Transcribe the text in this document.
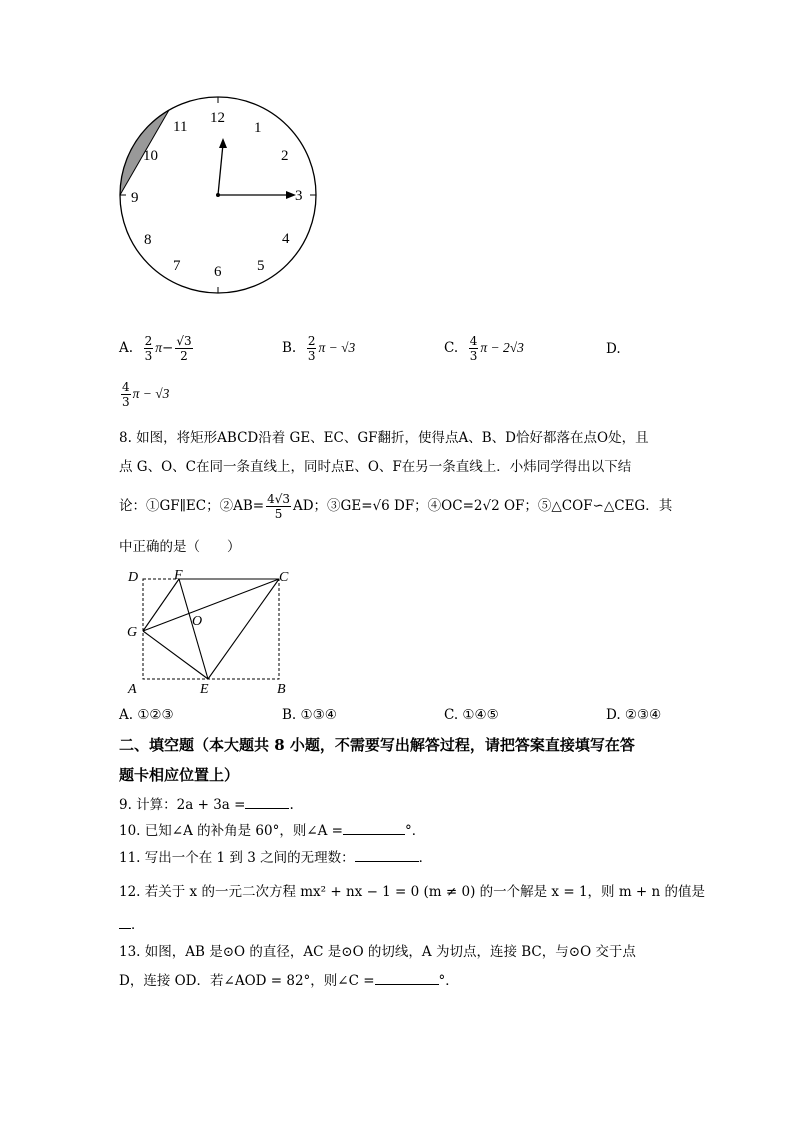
12
1
2
3
4
5
6
7
8
9
10
11
A. $\frac{2}{3} \pi- \frac{√3}{2}$	B. $\frac{2}{3}$ π − √3	C. $\frac{4}{3}$ π − 2√3	D.
$\frac{4}{3}$ π − √3
8. 如图，将矩形ABCD沿着 GE、EC、GF翻折，使得点A、B、D恰好都落在点O处，且
点 G、O、C在同一条直线上，同时点E、O、F在另一条直线上．小炜同学得出以下结
论：①GF∥EC；②AB= $\frac{4√3}{5}$ AD；③GE=√6 DF；④OC=2√2 OF；⑤△COF∽△CEG．其
中正确的是（　　）
D	F	C
G
O
A	E	B
A. ①②③	B. ①③④	C. ①④⑤	D. ②③④
二、填空题（本大题共 8 小题，不需要写出解答过程，请把答案直接填写在答
题卡相应位置上）
9. 计算：2a + 3a =	.
10. 已知∠A 的补角是 60°，则∠A =	°．
11. 写出一个在 1 到 3 之间的无理数：	．
12. 若关于 x 的一元二次方程 mx² + nx − 1 = 0 (m ≠ 0) 的一个解是 x = 1，则 m + n 的值是
．
13. 如图，AB 是⊙O 的直径，AC 是⊙O 的切线，A 为切点，连接 BC，与⊙O 交于点
D，连接 OD．若∠AOD = 82°，则∠C =	°．
